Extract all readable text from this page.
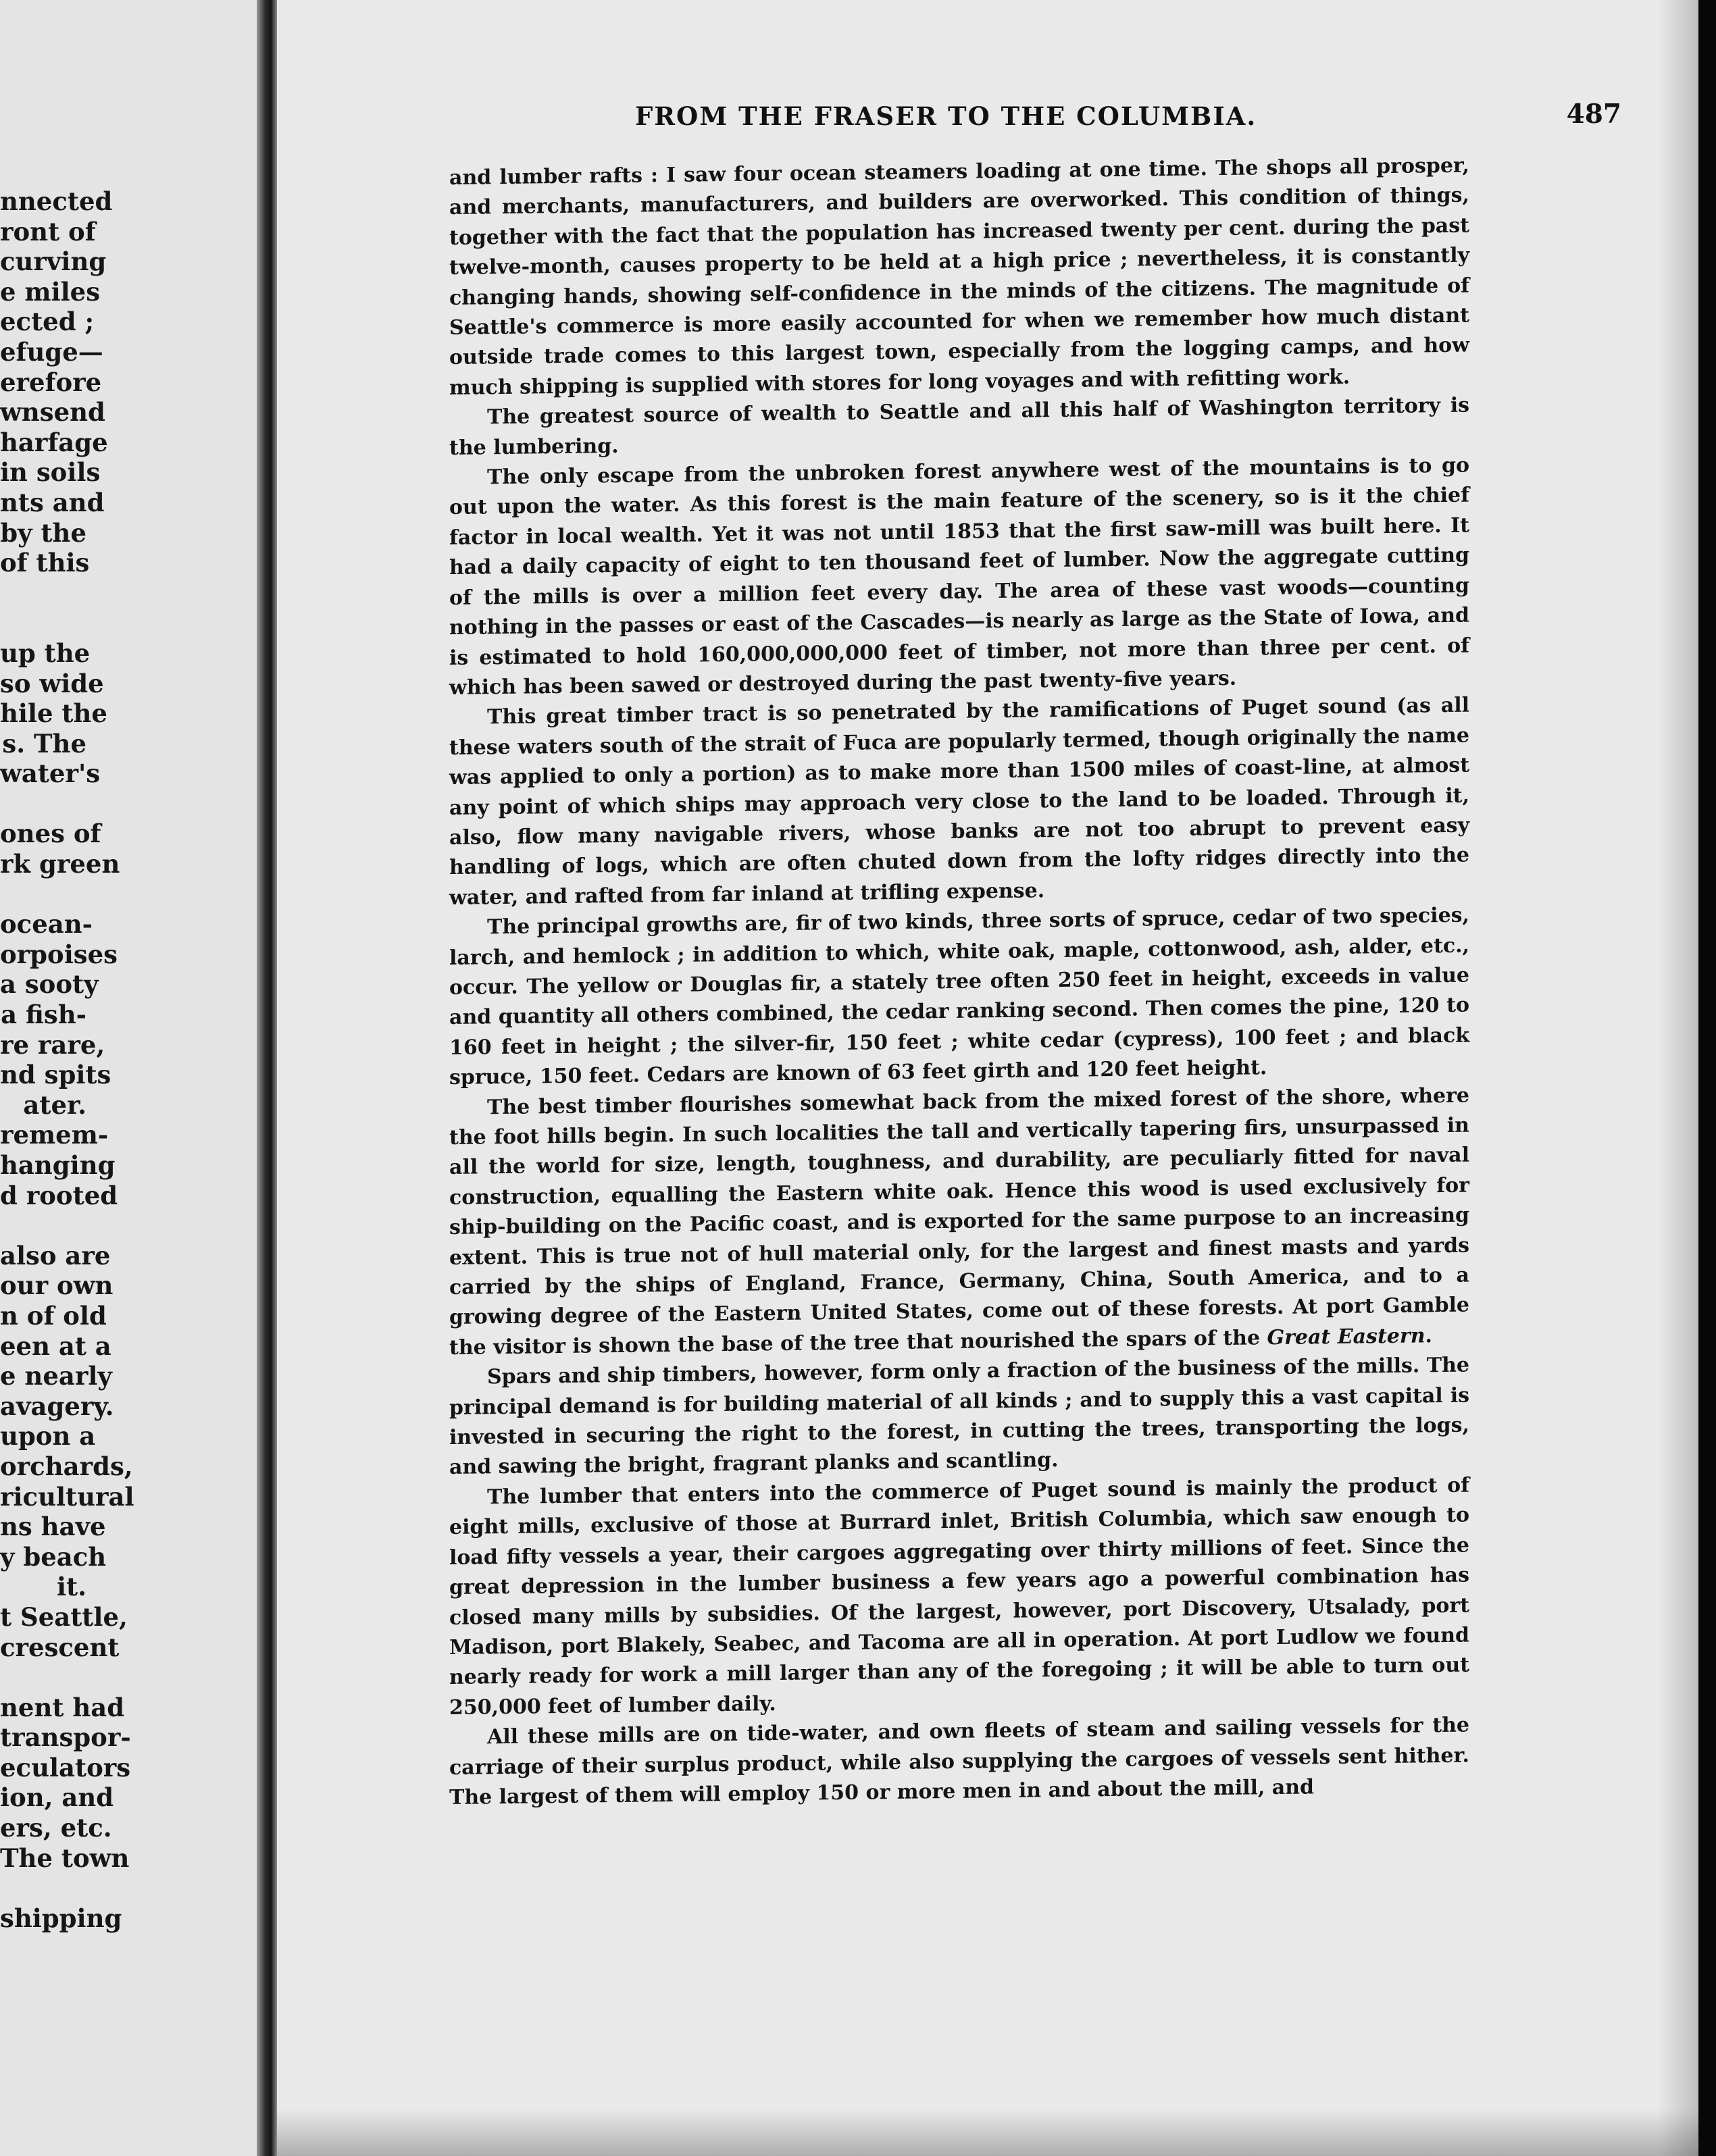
nnected
ront of
curving
e miles
ected ;
efuge—
erefore
wnsend
harfage
in soils
nts and
by the
of this
up the
so wide
hile the
s. The
water's
ones of
rk green
ocean-
orpoises
a sooty
a fish-
re rare,
nd spits
ater.
remem-
hanging
d rooted
also are
our own
n of old
een at a
e nearly
avagery.
upon a
orchards,
ricultural
ns have
y beach
it.
t Seattle,
crescent
nent had
transpor-
eculators
ion, and
ers, etc.
The town
shipping
FROM THE FRASER TO THE COLUMBIA.	487

and lumber rafts : I saw four ocean steamers loading at one time. The shops all prosper, and merchants, manufacturers, and builders are overworked. This condition of things, together with the fact that the population has increased twenty per cent. during the past twelve-month, causes property to be held at a high price ; nevertheless, it is constantly changing hands, showing self-confidence in the minds of the citizens. The magnitude of Seattle's commerce is more easily accounted for when we remember how much distant outside trade comes to this largest town, especially from the logging camps, and how much shipping is supplied with stores for long voyages and with refitting work.

The greatest source of wealth to Seattle and all this half of Washington territory is the lumbering.

The only escape from the unbroken forest anywhere west of the mountains is to go out upon the water. As this forest is the main feature of the scenery, so is it the chief factor in local wealth. Yet it was not until 1853 that the first saw-mill was built here. It had a daily capacity of eight to ten thousand feet of lumber. Now the aggregate cutting of the mills is over a million feet every day. The area of these vast woods—counting nothing in the passes or east of the Cascades—is nearly as large as the State of Iowa, and is estimated to hold 160,000,000,000 feet of timber, not more than three per cent. of which has been sawed or destroyed during the past twenty-five years.

This great timber tract is so penetrated by the ramifications of Puget sound (as all these waters south of the strait of Fuca are popularly termed, though originally the name was applied to only a portion) as to make more than 1500 miles of coast-line, at almost any point of which ships may approach very close to the land to be loaded. Through it, also, flow many navigable rivers, whose banks are not too abrupt to prevent easy handling of logs, which are often chuted down from the lofty ridges directly into the water, and rafted from far inland at trifling expense.

The principal growths are, fir of two kinds, three sorts of spruce, cedar of two species, larch, and hemlock ; in addition to which, white oak, maple, cottonwood, ash, alder, etc., occur. The yellow or Douglas fir, a stately tree often 250 feet in height, exceeds in value and quantity all others combined, the cedar ranking second. Then comes the pine, 120 to 160 feet in height ; the silver-fir, 150 feet ; white cedar (cypress), 100 feet ; and black spruce, 150 feet. Cedars are known of 63 feet girth and 120 feet height.

The best timber flourishes somewhat back from the mixed forest of the shore, where the foot hills begin. In such localities the tall and vertically tapering firs, unsurpassed in all the world for size, length, toughness, and durability, are peculiarly fitted for naval construction, equalling the Eastern white oak. Hence this wood is used exclusively for ship-building on the Pacific coast, and is exported for the same purpose to an increasing extent. This is true not of hull material only, for the largest and finest masts and yards carried by the ships of England, France, Germany, China, South America, and to a growing degree of the Eastern United States, come out of these forests. At port Gamble the visitor is shown the base of the tree that nourished the spars of the Great Eastern.

Spars and ship timbers, however, form only a fraction of the business of the mills. The principal demand is for building material of all kinds ; and to supply this a vast capital is invested in securing the right to the forest, in cutting the trees, transporting the logs, and sawing the bright, fragrant planks and scantling.

The lumber that enters into the commerce of Puget sound is mainly the product of eight mills, exclusive of those at Burrard inlet, British Columbia, which saw enough to load fifty vessels a year, their cargoes aggregating over thirty millions of feet. Since the great depression in the lumber business a few years ago a powerful combination has closed many mills by subsidies. Of the largest, however, port Discovery, Utsalady, port Madison, port Blakely, Seabec, and Tacoma are all in operation. At port Ludlow we found nearly ready for work a mill larger than any of the foregoing ; it will be able to turn out 250,000 feet of lumber daily.

All these mills are on tide-water, and own fleets of steam and sailing vessels for the carriage of their surplus product, while also supplying the cargoes of vessels sent hither. The largest of them will employ 150 or more men in and about the mill, and
